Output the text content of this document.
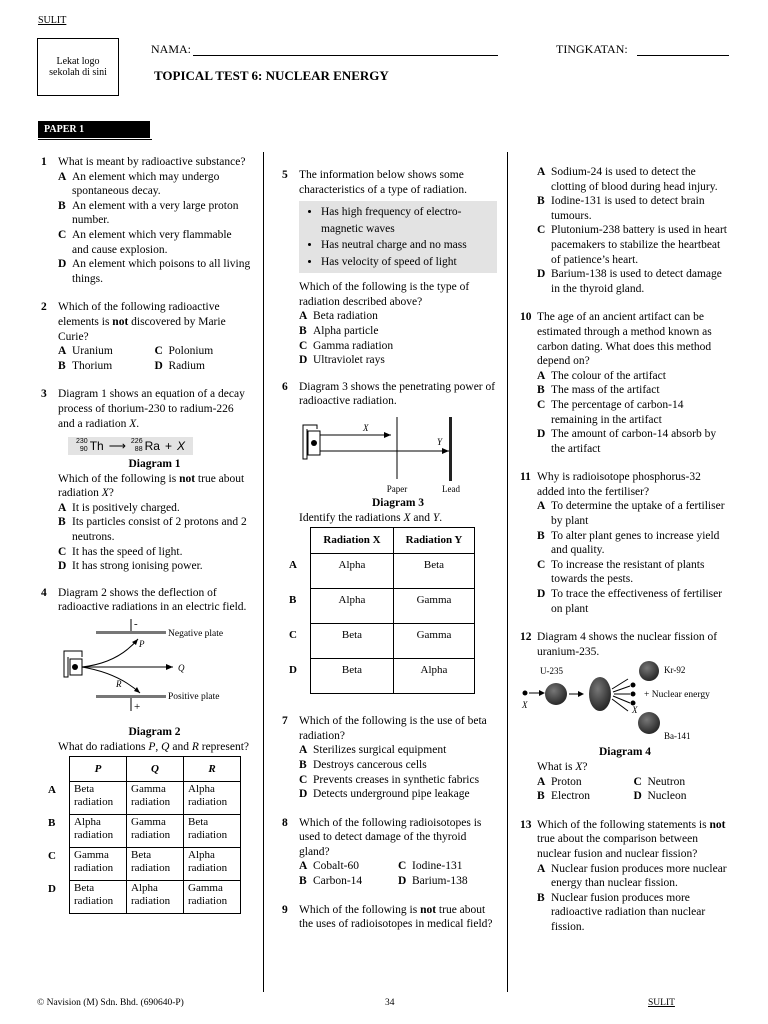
SULIT
Lekat logo sekolah di sini
NAMA:	TINGKATAN:
TOPICAL TEST 6: NUCLEAR ENERGY
PAPER 1
1 What is meant by radioactive substance?
A An element which may undergo spontaneous decay.
B An element with a very large proton number.
C An element which very flammable and cause explosion.
D An element which poisons to all living things.
2 Which of the following radioactive elements is not discovered by Marie Curie?
A Uranium	C Polonium
B Thorium	D Radium
3 Diagram 1 shows an equation of a decay process of thorium-230 to radium-226 and a radiation X.
230
90 Th ⟶ 226
88 Ra + X
Diagram 1
Which of the following is not true about radiation X?
A It is positively charged.
B Its particles consist of 2 protons and 2 neutrons.
C It has the speed of light.
D It has strong ionising power.
4 Diagram 2 shows the deflection of radioactive radiations in an electric field.
-
Negative plate
P
Q
R
+
Positive plate
Diagram 2
What do radiations P, Q and R represent?
	P	Q	R
A	Beta radiation	Gamma radiation	Alpha radiation
B	Alpha radiation	Gamma radiation	Beta radiation
C	Gamma radiation	Beta radiation	Alpha radiation
D	Beta radiation	Alpha radiation	Gamma radiation
5 The information below shows some characteristics of a type of radiation.
• Has high frequency of electro-magnetic waves
• Has neutral charge and no mass
• Has velocity of speed of light
Which of the following is the type of radiation described above?
A Beta radiation
B Alpha particle
C Gamma radiation
D Ultraviolet rays
6 Diagram 3 shows the penetrating power of radioactive radiation.
X
Y
Paper	Lead
Diagram 3
Identify the radiations X and Y.
	Radiation X	Radiation Y
A	Alpha	Beta
B	Alpha	Gamma
C	Beta	Gamma
D	Beta	Alpha
7 Which of the following is the use of beta radiation?
A Sterilizes surgical equipment
B Destroys cancerous cells
C Prevents creases in synthetic fabrics
D Detects underground pipe leakage
8 Which of the following radioisotopes is used to detect damage of the thyroid gland?
A Cobalt-60	C Iodine-131
B Carbon-14	D Barium-138
9 Which of the following is not true about the uses of radioisotopes in medical field?
A Sodium-24 is used to detect the clotting of blood during head injury.
B Iodine-131 is used to detect brain tumours.
C Plutonium-238 battery is used in heart pacemakers to stabilize the heartbeat of patience’s heart.
D Barium-138 is used to detect damage in the thyroid gland.
10 The age of an ancient artifact can be estimated through a method known as carbon dating. What does this method depend on?
A The colour of the artifact
B The mass of the artifact
C The percentage of carbon-14 remaining in the artifact
D The amount of carbon-14 absorb by the artifact
11 Why is radioisotope phosphorus-32 added into the fertiliser?
A To determine the uptake of a fertiliser by plant
B To alter plant genes to increase yield and quality.
C To increase the resistant of plants towards the pests.
D To trace the effectiveness of fertiliser on plant
12 Diagram 4 shows the nuclear fission of uranium-235.
U-235
X	X
Kr-92
Ba-141
+ Nuclear energy
Diagram 4
What is X?
A Proton	C Neutron
B Electron	D Nucleon
13 Which of the following statements is not true about the comparison between nuclear fusion and nuclear fission?
A Nuclear fusion produces more nuclear energy than nuclear fission.
B Nuclear fusion produces more radioactive radiation than nuclear fission.
© Navision (M) Sdn. Bhd. (690640-P)	34	SULIT
